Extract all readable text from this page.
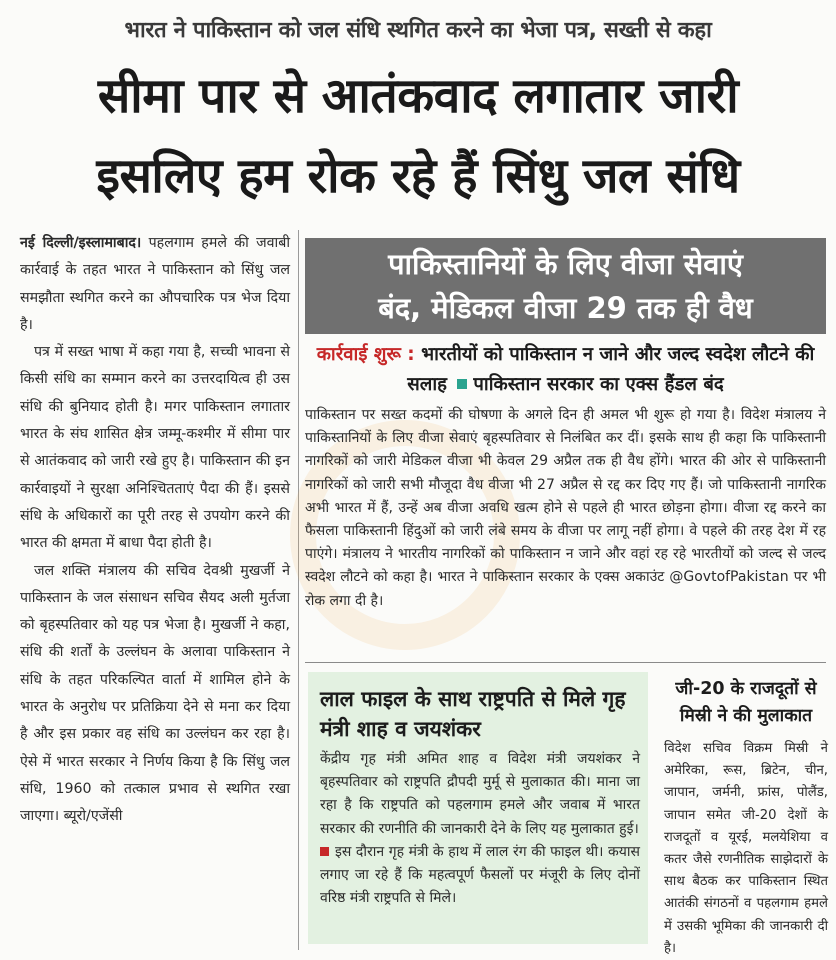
भारत ने पाकिस्तान को जल संधि स्थगित करने का भेजा पत्र, सख्ती से कहा
सीमा पार से आतंकवाद लगातार जारी
इसलिए हम रोक रहे हैं सिंधु जल संधि

नई दिल्ली/इस्लामाबाद। पहलगाम हमले की जवाबी कार्रवाई के तहत भारत ने पाकिस्तान को सिंधु जल समझौता स्थगित करने का औपचारिक पत्र भेज दिया है।

पत्र में सख्त भाषा में कहा गया है, सच्ची भावना से किसी संधि का सम्मान करने का उत्तरदायित्व ही उस संधि की बुनियाद होती है। मगर पाकिस्तान लगातार भारत के संघ शासित क्षेत्र जम्मू-कश्मीर में सीमा पार से आतंकवाद को जारी रखे हुए है। पाकिस्तान की इन कार्रवाइयों ने सुरक्षा अनिश्चितताएं पैदा की हैं। इससे संधि के अधिकारों का पूरी तरह से उपयोग करने की भारत की क्षमता में बाधा पैदा होती है।

जल शक्ति मंत्रालय की सचिव देवश्री मुखर्जी ने पाकिस्तान के जल संसाधन सचिव सैयद अली मुर्तजा को बृहस्पतिवार को यह पत्र भेजा है। मुखर्जी ने कहा, संधि की शर्तों के उल्लंघन के अलावा पाकिस्तान ने संधि के तहत परिकल्पित वार्ता में शामिल होने के भारत के अनुरोध पर प्रतिक्रिया देने से मना कर दिया है और इस प्रकार वह संधि का उल्लंघन कर रहा है। ऐसे में भारत सरकार ने निर्णय किया है कि सिंधु जल संधि, 1960 को तत्काल प्रभाव से स्थगित रखा जाएगा। ब्यूरो/एजेंसी

पाकिस्तानियों के लिए वीजा सेवाएं
बंद, मेडिकल वीजा 29 तक ही वैध
कार्रवाई शुरू : भारतीयों को पाकिस्तान न जाने और जल्द स्वदेश लौटने की सलाह पाकिस्तान सरकार का एक्स हैंडल बंद
पाकिस्तान पर सख्त कदमों की घोषणा के अगले दिन ही अमल भी शुरू हो गया है। विदेश मंत्रालय ने पाकिस्तानियों के लिए वीजा सेवाएं बृहस्पतिवार से निलंबित कर दीं। इसके साथ ही कहा कि पाकिस्तानी नागरिकों को जारी मेडिकल वीजा भी केवल 29 अप्रैल तक ही वैध होंगे। भारत की ओर से पाकिस्तानी नागरिकों को जारी सभी मौजूदा वैध वीजा भी 27 अप्रैल से रद्द कर दिए गए हैं। जो पाकिस्तानी नागरिक अभी भारत में हैं, उन्हें अब वीजा अवधि खत्म होने से पहले ही भारत छोड़ना होगा। वीजा रद्द करने का फैसला पाकिस्तानी हिंदुओं को जारी लंबे समय के वीजा पर लागू नहीं होगा। वे पहले की तरह देश में रह पाएंगे। मंत्रालय ने भारतीय नागरिकों को पाकिस्तान न जाने और वहां रह रहे भारतीयों को जल्द से जल्द स्वदेश लौटने को कहा है। भारत ने पाकिस्तान सरकार के एक्स अकाउंट @GovtofPakistan पर भी रोक लगा दी है।
लाल फाइल के साथ राष्ट्रपति से मिले गृह मंत्री शाह व जयशंकर
केंद्रीय गृह मंत्री अमित शाह व विदेश मंत्री जयशंकर ने बृहस्पतिवार को राष्ट्रपति द्रौपदी मुर्मू से मुलाकात की। माना जा रहा है कि राष्ट्रपति को पहलगाम हमले और जवाब में भारत सरकार की रणनीति की जानकारी देने के लिए यह मुलाकात हुई।
इस दौरान गृह मंत्री के हाथ में लाल रंग की फाइल थी। कयास लगाए जा रहे हैं कि महत्वपूर्ण फैसलों पर मंजूरी के लिए दोनों वरिष्ठ मंत्री राष्ट्रपति से मिले।
जी-20 के राजदूतों से मिस्री ने की मुलाकात
विदेश सचिव विक्रम मिस्री ने अमेरिका, रूस, ब्रिटेन, चीन, जापान, जर्मनी, फ्रांस, पोलैंड, जापान समेत जी-20 देशों के राजदूतों व यूरई, मलयेशिया व कतर जैसे रणनीतिक साझेदारों के साथ बैठक कर पाकिस्तान स्थित आतंकी संगठनों व पहलगाम हमले में उसकी भूमिका की जानकारी दी है।
